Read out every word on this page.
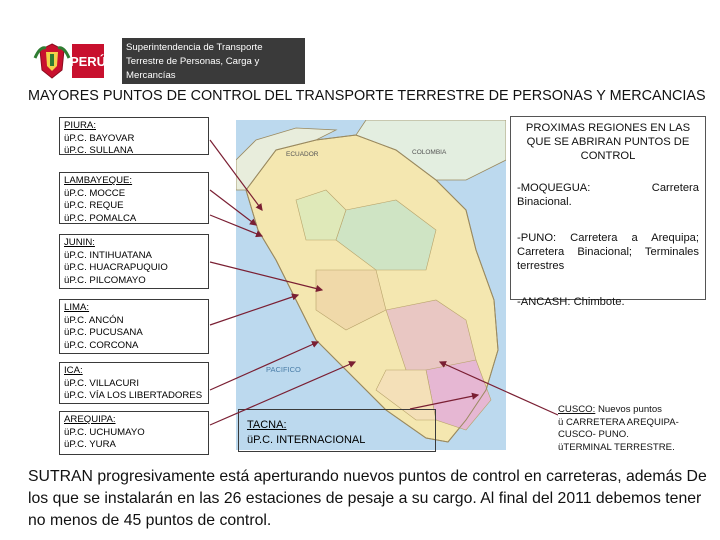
PERÚ
Superintendencia de Transporte
Terrestre de Personas, Carga y
Mercancías
MAYORES PUNTOS DE CONTROL DEL TRANSPORTE TERRESTRE DE PERSONAS Y MERCANCIAS
ECUADOR	COLOMBIA
PACIFICO
PIURA:
üP.C. BAYOVAR
üP.C. SULLANA
LAMBAYEQUE:
üP.C. MOCCE
üP.C. REQUE
üP.C. POMALCA
JUNIN:
üP.C. INTIHUATANA
üP.C. HUACRAPUQUIO
üP.C. PILCOMAYO
LIMA:
üP.C. ANCÓN
üP.C. PUCUSANA
üP.C. CORCONA
ICA:
üP.C. VILLACURI
üP.C. VÍA LOS LIBERTADORES
AREQUIPA:
üP.C. UCHUMAYO
üP.C. YURA
TACNA:
üP.C. INTERNACIONAL

PROXIMAS REGIONES EN LAS QUE SE ABRIRAN PUNTOS DE CONTROL

-MOQUEGUA:	Carretera
Binacional.

-PUNO: Carretera a Arequipa; Carretera Binacional; Terminales terrestres

-ANCASH: Chimbote.

CUSCO: Nuevos puntos
ü CARRETERA AREQUIPA-
CUSCO- PUNO.
üTERMINAL TERRESTRE.
SUTRAN progresivamente está aperturando nuevos puntos de control en carreteras, además De los que se instalarán en las 26 estaciones de pesaje a su cargo. Al final del 2011 debemos tener no menos de 45 puntos de control.
